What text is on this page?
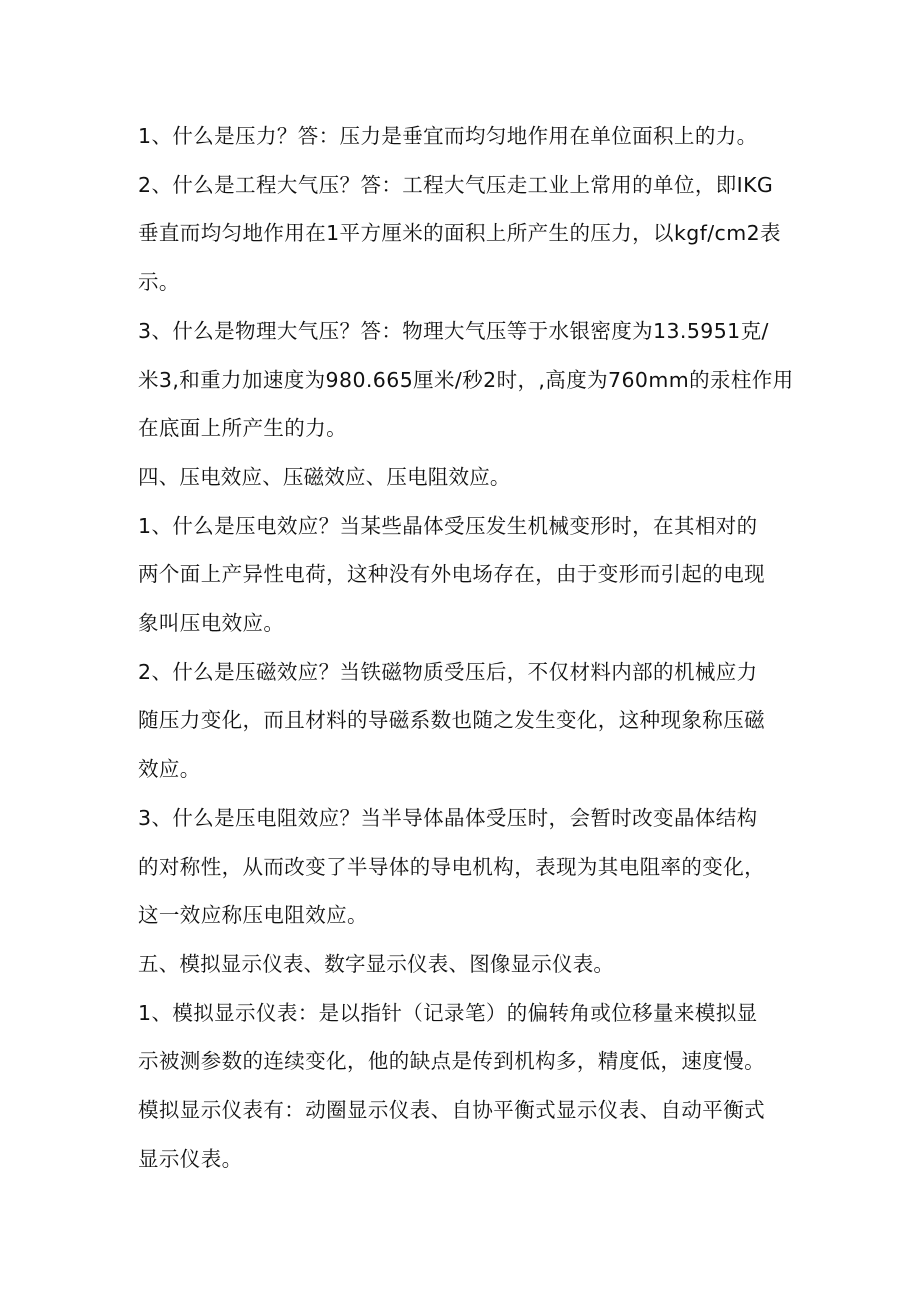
1、什么是压力？答：压力是垂宜而均匀地作用在单位面积上的力。

2、什么是工程大气压？答：工程大气压走工业上常用的单位，即IKG
垂直而均匀地作用在1平方厘米的面积上所产生的压力，以kgf∕cm2表
示。

3、什么是物理大气压？答：物理大气压等于水银密度为13.5951克/
米3,和重力加速度为980.665厘米/秒2时，,高度为760mm的汞柱作用
在底面上所产生的力。

四、压电效应、压磁效应、压电阻效应。

1、什么是压电效应？当某些晶体受压发生机械变形时，在其相对的
两个面上产异性电荷，这种没有外电场存在，由于变形而引起的电现
象叫压电效应。

2、什么是压磁效应？当铁磁物质受压后，不仅材料内部的机械应力
随压力变化，而且材料的导磁系数也随之发生变化，这种现象称压磁
效应。

3、什么是压电阻效应？当半导体晶体受压时，会暂时改变晶体结构
的对称性，从而改变了半导体的导电机构，表现为其电阻率的变化，
这一效应称压电阻效应。

五、模拟显示仪表、数字显示仪表、图像显示仪表。

1、模拟显示仪表：是以指针（记录笔）的偏转角或位移量来模拟显
示被测参数的连续变化，他的缺点是传到机构多，精度低，速度慢。
模拟显示仪表有：动圈显示仪表、自协平衡式显示仪表、自动平衡式
显示仪表。
